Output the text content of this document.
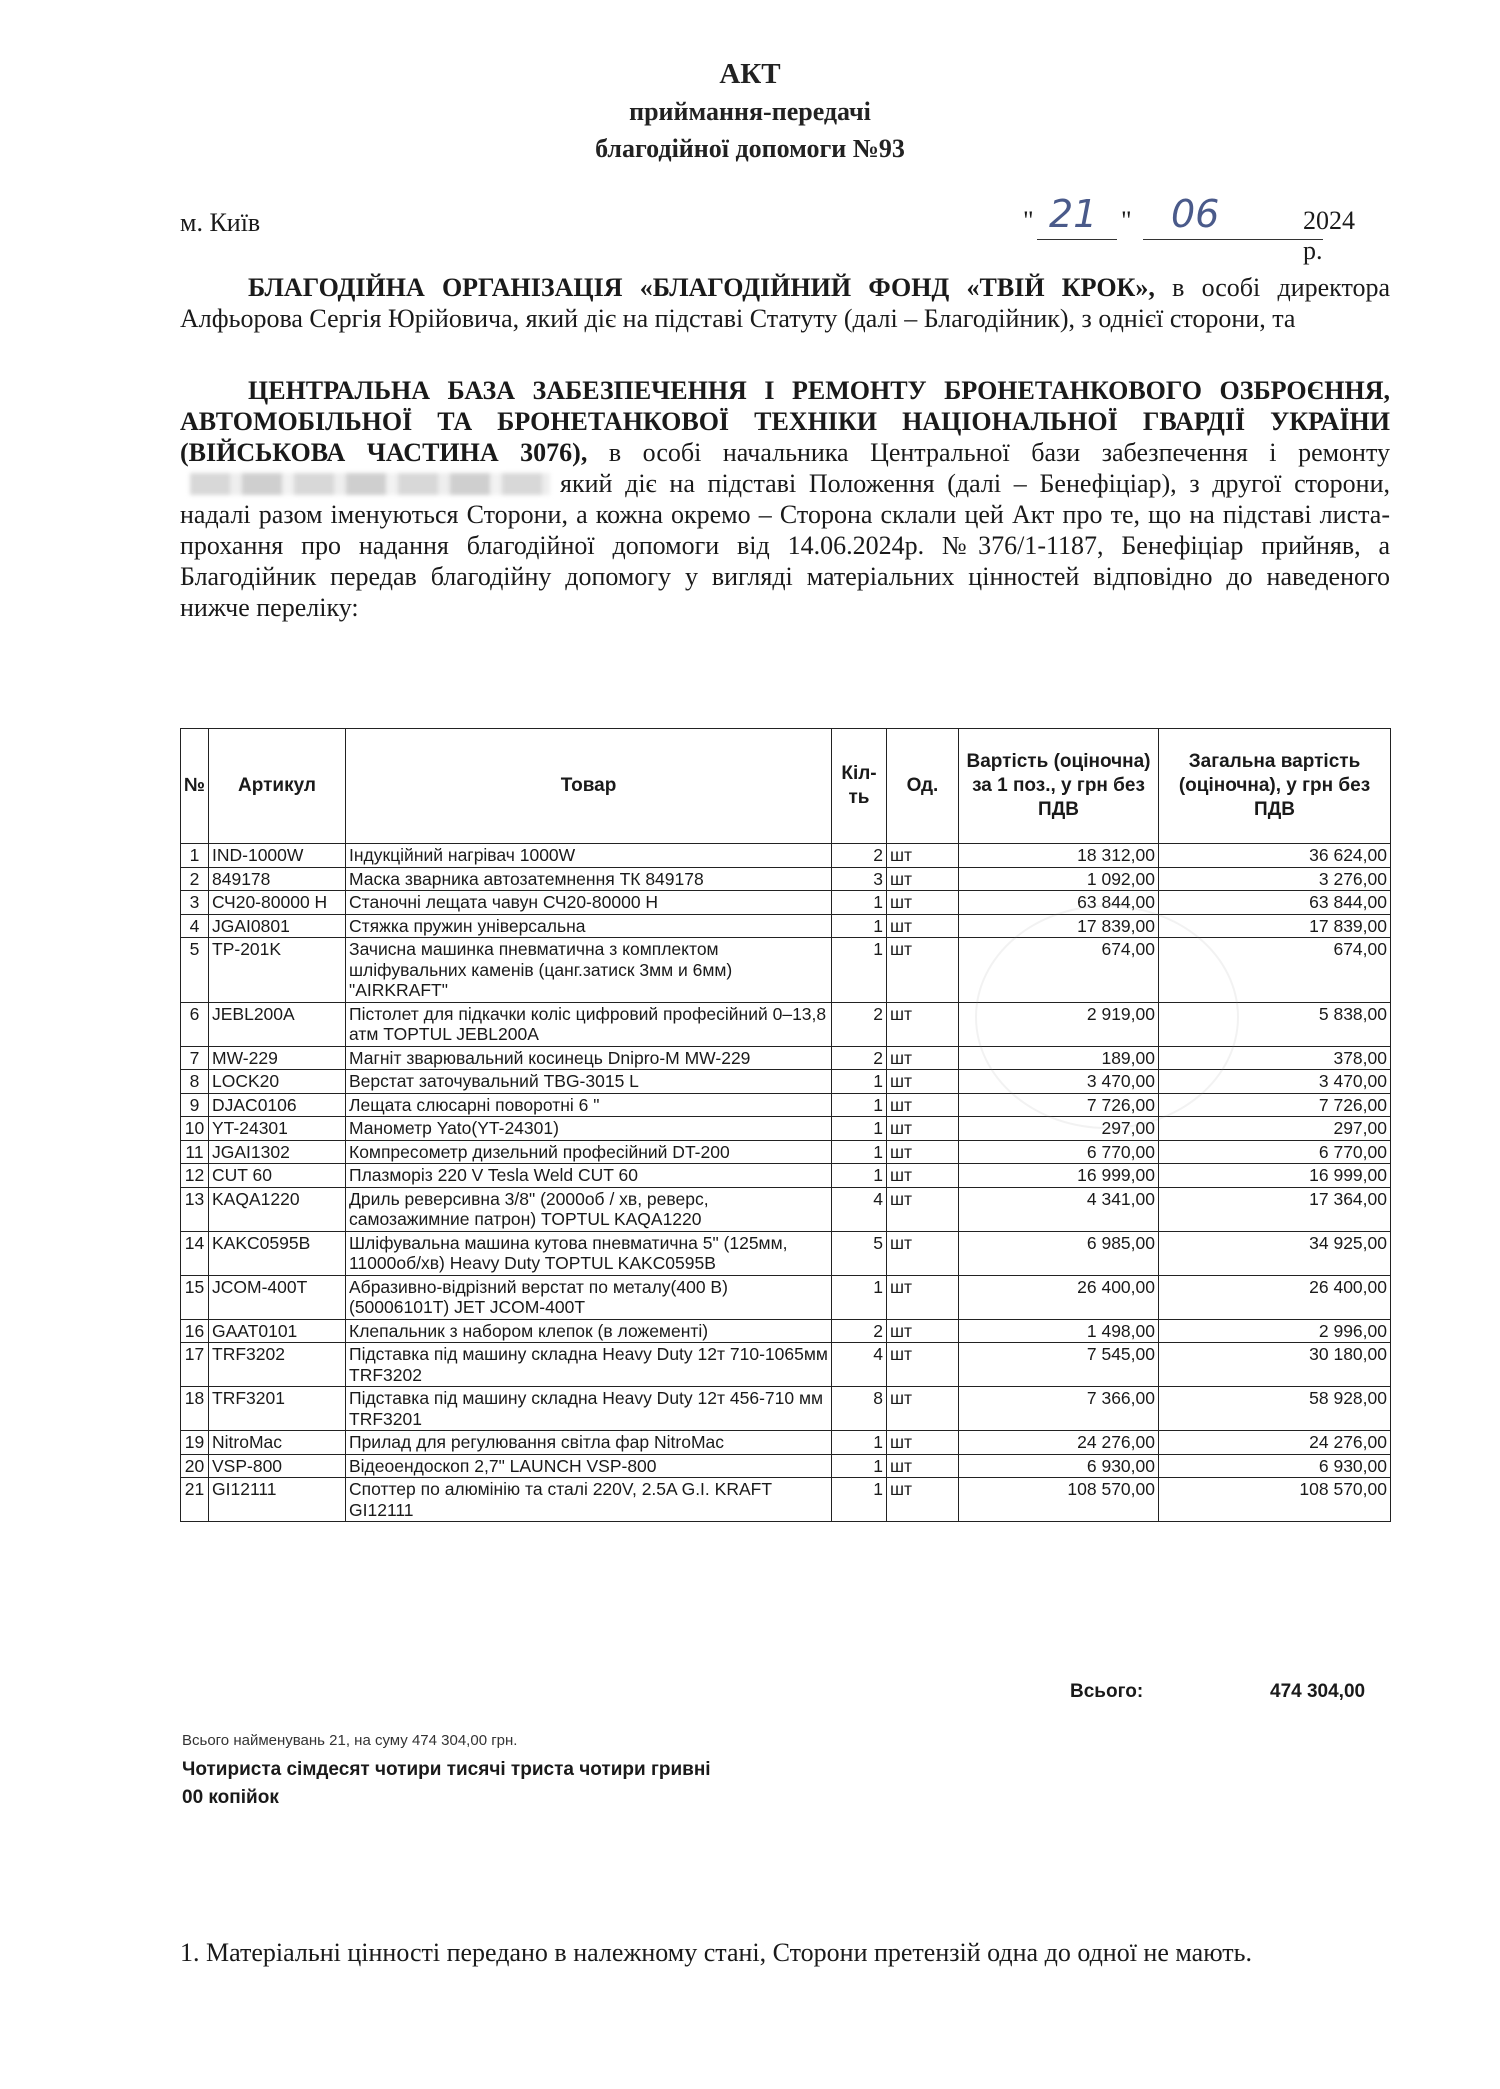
АКТ
приймання-передачі
благодійної допомоги №93
м. Київ	" 21 " 06	2024 р.
БЛАГОДІЙНА ОРГАНІЗАЦІЯ «БЛАГОДІЙНИЙ ФОНД «ТВІЙ КРОК», в особі директора Алфьорова Сергія Юрійовича, який діє на підставі Статуту (далі – Благодійник), з однієї сторони, та
ЦЕНТРАЛЬНА БАЗА ЗАБЕЗПЕЧЕННЯ І РЕМОНТУ БРОНЕТАНКОВОГО ОЗБРОЄННЯ, АВТОМОБІЛЬНОЇ ТА БРОНЕТАНКОВОЇ ТЕХНІКИ НАЦІОНАЛЬНОЇ ГВАРДІЇ УКРАЇНИ (ВІЙСЬКОВА ЧАСТИНА 3076), в особі начальника Центральної бази забезпечення і ремонтуякий діє на підставі Положення (далі – Бенефіціар), з другої сторони, надалі разом іменуються Сторони, а кожна окремо – Сторона склали цей Акт про те, що на підставі листа-прохання про надання благодійної допомоги від 14.06.2024р. №376/1-1187, Бенефіціар прийняв, а Благодійник передав благодійну допомогу у вигляді матеріальних цінностей відповідно до наведеного нижче переліку:
№	Артикул	Товар	Кіл-ть	Од.	Вартість (оціночна) за 1 поз., у грн без ПДВ	Загальна вартість (оціночна), у грн без ПДВ
1	IND-1000W	Індукційний нагрівач 1000W	2	шт	18 312,00	36 624,00
2	849178	Маска зварника автозатемнення ТК 849178	3	шт	1 092,00	3 276,00
3	СЧ20-80000 Н	Станочні лещата чавун СЧ20-80000 Н	1	шт	63 844,00	63 844,00
4	JGAI0801	Стяжка пружин універсальна	1	шт	17 839,00	17 839,00
5	TP-201K	Зачисна машинка пневматична з комплектом шліфувальних каменів (цанг.затиск 3мм и 6мм) "AIRKRAFT"	1	шт	674,00	674,00
6	JEBL200A	Пістолет для підкачки коліс цифровий професійний 0–13,8 атм TOPTUL JEBL200A	2	шт	2 919,00	5 838,00
7	MW-229	Магніт зварювальний косинець Dnipro-M MW-229	2	шт	189,00	378,00
8	LOCK20	Верстат заточувальний TBG-3015 L	1	шт	3 470,00	3 470,00
9	DJAC0106	Лещата слюсарні поворотні 6 "	1	шт	7 726,00	7 726,00
10	YT-24301	Манометр Yato(YT-24301)	1	шт	297,00	297,00
11	JGAI1302	Компресометр дизельний професійний DT-200	1	шт	6 770,00	6 770,00
12	CUT 60	Плазморіз 220 V Tesla Weld CUT 60	1	шт	16 999,00	16 999,00
13	KAQA1220	Дриль реверсивна 3/8" (2000об / хв, реверс, самозажимние патрон) TOPTUL KAQA1220	4	шт	4 341,00	17 364,00
14	KAKC0595B	Шліфувальна машина кутова пневматична 5" (125мм, 11000об/хв) Heavy Duty TOPTUL KAKC0595B	5	шт	6 985,00	34 925,00
15	JCOM-400T	Абразивно-відрізний верстат по металу(400 В) (50006101T) JET JCOM-400T	1	шт	26 400,00	26 400,00
16	GAAT0101	Клепальник з набором клепок (в ложементі)	2	шт	1 498,00	2 996,00
17	TRF3202	Підставка під машину складна Heavy Duty 12т 710-1065мм TRF3202	4	шт	7 545,00	30 180,00
18	TRF3201	Підставка під машину складна Heavy Duty 12т 456-710 мм TRF3201	8	шт	7 366,00	58 928,00
19	NitroMac	Прилад для регулювання світла фар NitroMac	1	шт	24 276,00	24 276,00
20	VSP-800	Відеоендоскоп 2,7" LAUNCH VSP-800	1	шт	6 930,00	6 930,00
21	GI12111	Споттер по алюмінію та сталі 220V, 2.5A G.I. KRAFT GI12111	1	шт	108 570,00	108 570,00
Всього:	474 304,00
Всього найменувань 21, на суму 474 304,00 грн.
Чотириста сімдесят чотири тисячі триста чотири гривні
00 копійок
1. Матеріальні цінності передано в належному стані, Сторони претензій одна до одної не мають.
